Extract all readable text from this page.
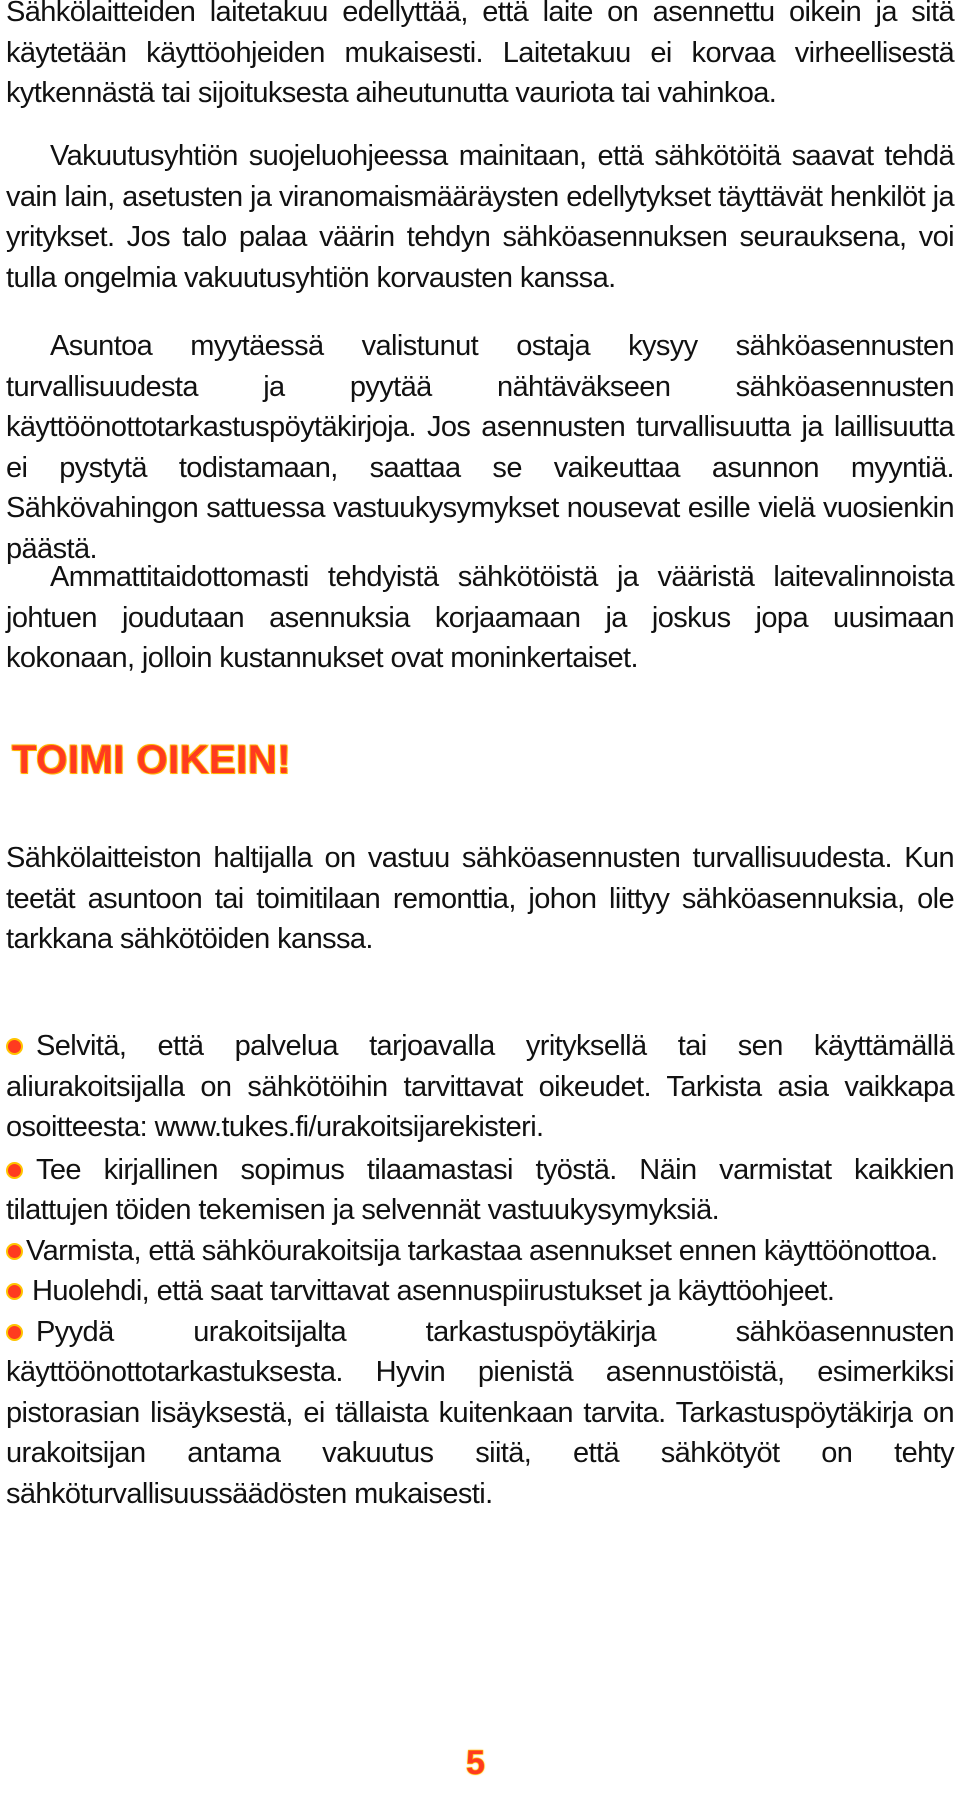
Sähkölaitteiden laitetakuu edellyttää, että laite on asennettu oikein ja sitä käytetään käyttöohjeiden mukaisesti. Laitetakuu ei korvaa virheellisestä kytkennästä tai sijoituksesta aiheutunutta vauriota tai vahinkoa.

Vakuutusyhtiön suojeluohjeessa mainitaan, että sähkötöitä saavat tehdä vain lain, asetusten ja viranomaismääräysten edellytykset täyttävät henkilöt ja yritykset. Jos talo palaa väärin tehdyn sähköasennuksen seurauksena, voi tulla ongelmia vakuutusyhtiön korvausten kanssa.

Asuntoa myytäessä valistunut ostaja kysyy sähköasennusten turvallisuudesta ja pyytää nähtäväkseen sähköasennusten käyttöönottotarkastuspöytäkirjoja. Jos asennusten turvallisuutta ja laillisuutta ei pystytä todistamaan, saattaa se vaikeuttaa asunnon myyntiä. Sähkövahingon sattuessa vastuukysymykset nousevat esille vielä vuosienkin päästä.

Ammattitaidottomasti tehdyistä sähkötöistä ja vääristä laitevalinnoista johtuen joudutaan asennuksia korjaamaan ja joskus jopa uusimaan kokonaan, jolloin kustannukset ovat moninkertaiset.

TOIMI OIKEIN!

Sähkölaitteiston haltijalla on vastuu sähköasennusten turvallisuudesta. Kun teetät asuntoon tai toimitilaan remonttia, johon liittyy sähköasennuksia, ole tarkkana sähkötöiden kanssa.

Selvitä, että palvelua tarjoavalla yrityksellä tai sen käyttämällä aliurakoitsijalla on sähkötöihin tarvittavat oikeudet. Tarkista asia vaikkapa osoitteesta: www.tukes.fi/urakoitsijarekisteri.
Tee kirjallinen sopimus tilaamastasi työstä. Näin varmistat kaikkien tilattujen töiden tekemisen ja selvennät vastuukysymyksiä.
Varmista, että sähköurakoitsija tarkastaa asennukset ennen käyttöönottoa.
Huolehdi, että saat tarvittavat asennuspiirustukset ja käyttöohjeet.
Pyydä urakoitsijalta tarkastuspöytäkirja sähköasennusten käyttöönottotarkastuksesta. Hyvin pienistä asennustöistä, esimerkiksi pistorasian lisäyksestä, ei tällaista kuitenkaan tarvita. Tarkastuspöytäkirja on urakoitsijan antama vakuutus siitä, että sähkötyöt on tehty sähköturvallisuussäädösten mukaisesti.
5
